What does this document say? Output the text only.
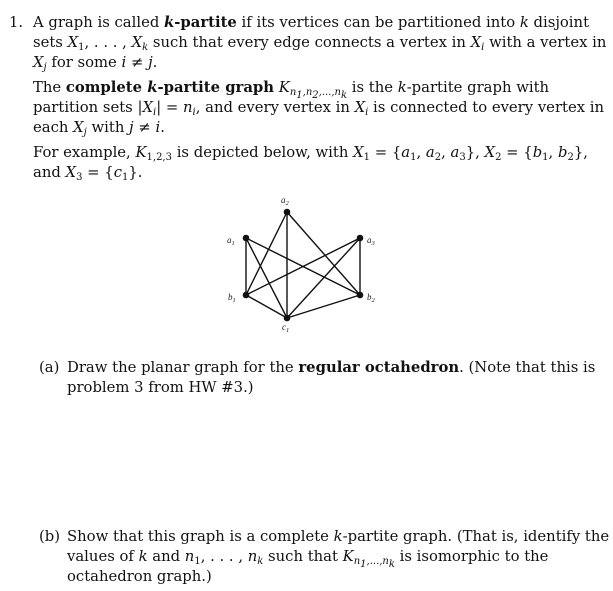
1. A graph is called k-partite if its vertices can be partitioned into k disjoint
sets $X_1$, . . . , $X_k$ such that every edge connects a vertex in $X_i$ with a vertex in
$X_j$ for some i ≠ j.
The complete k-partite graph $K_{n_1,n_2,...,n_k}$ is the k-partite graph with
partition sets $|X_i| = n_i$, and every vertex in $X_i$ is connected to every vertex in
each $X_j$ with j ≠ i.
For example, $K_{1,2,3}$ is depicted below, with $X_1 = \{a_1$, $a_2$, $a_3$}, $X_2 = \{b_1$, $b_2$},
and $X_3 = \{c_1\}$.
$a_2$
$a_1$	$a_3$
$b_1$	$b_2$
$c_1$
(a) Draw the planar graph for the regular octahedron. (Note that this is
problem 3 from HW #3.)
(b) Show that this graph is a complete k-partite graph. (That is, identify the
values of k and $n_1$, . . . , $n_k$ such that $K_{n_1,...,n_k}$ is isomorphic to the
octahedron graph.)
